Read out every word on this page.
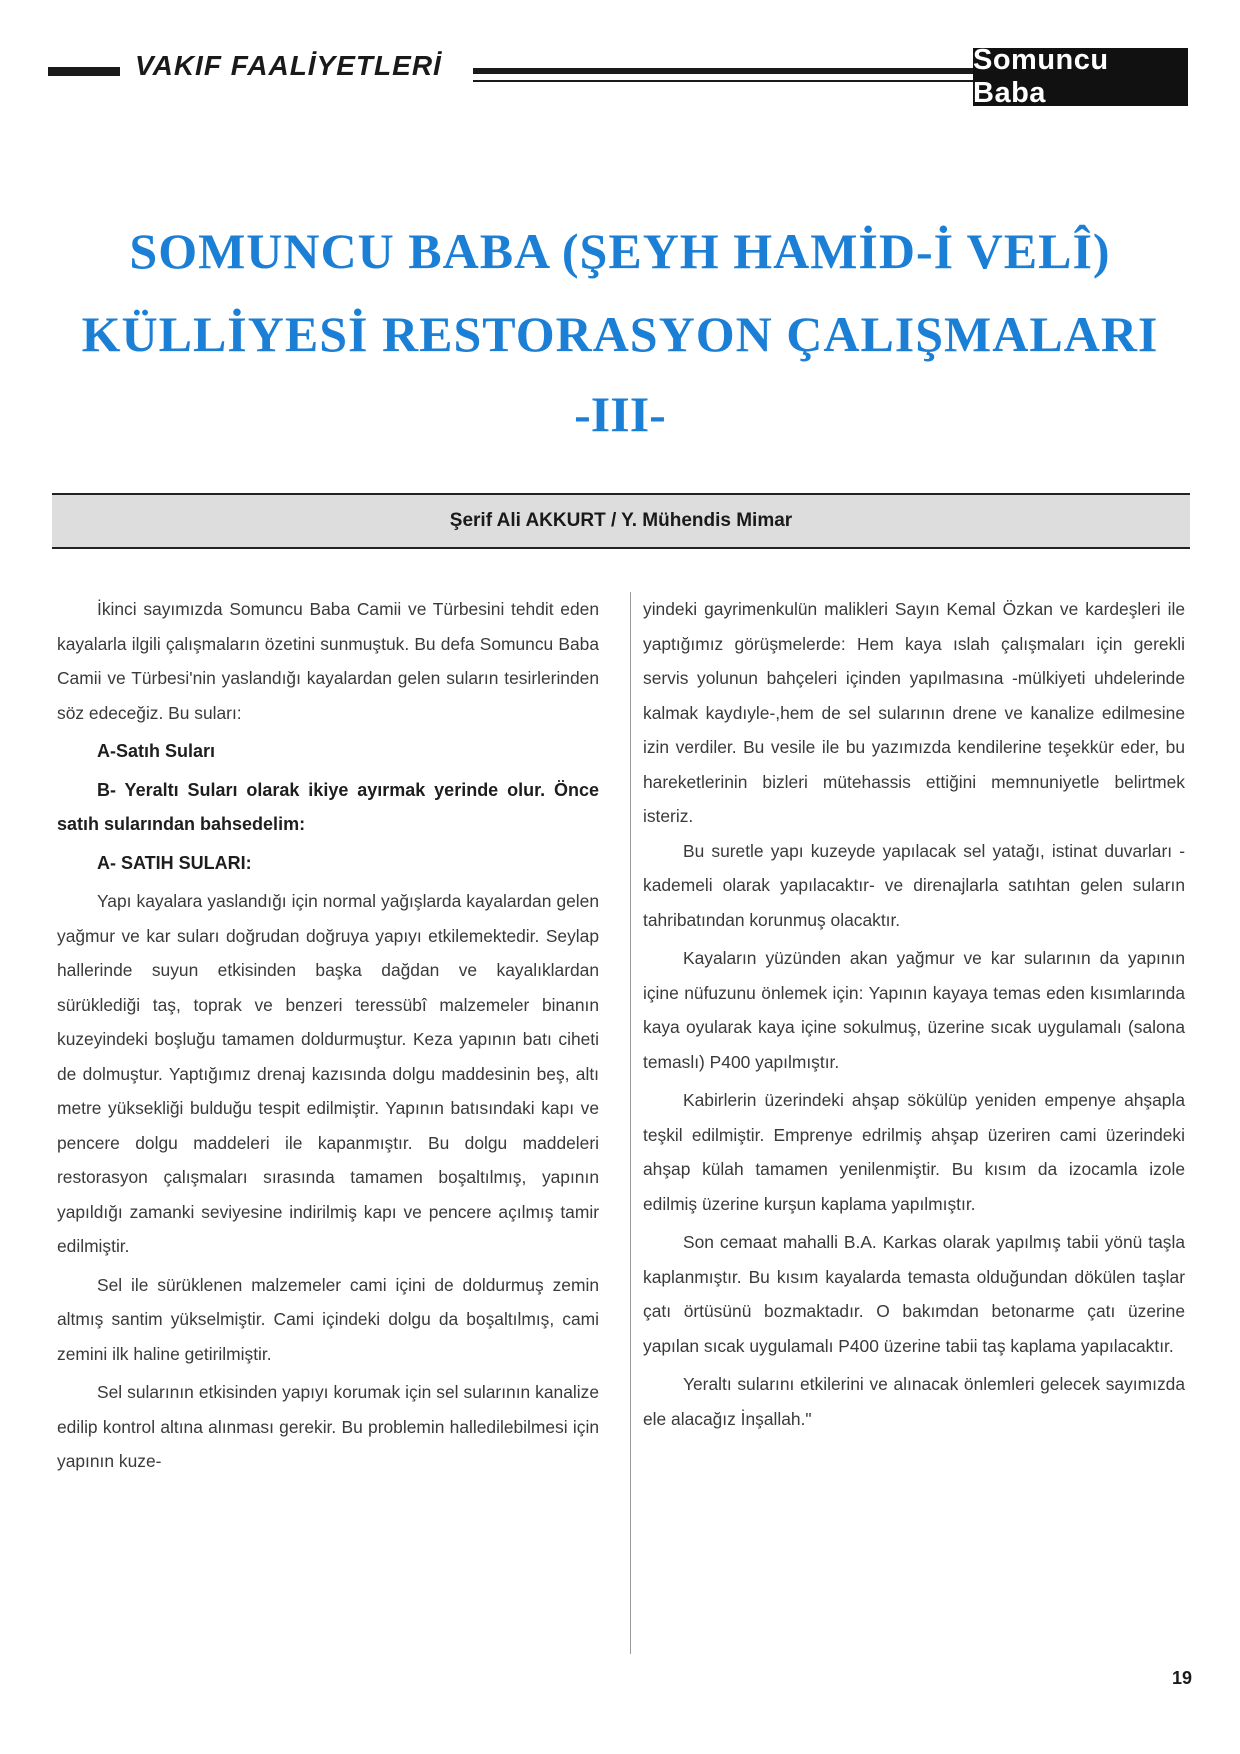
VAKIF FAALİYETLERİ	Somuncu Baba
SOMUNCU BABA (ŞEYH HAMİD-İ VELÎ)
KÜLLİYESİ RESTORASYON ÇALIŞMALARI
-III-
Şerif Ali AKKURT / Y. Mühendis Mimar

İkinci sayımızda Somuncu Baba Camii ve Türbesini tehdit eden kayalarla ilgili çalışmaların özetini sunmuştuk. Bu defa Somuncu Baba Camii ve Türbesi'nin yaslandığı kayalardan gelen suların tesirlerinden söz edeceğiz. Bu suları:

A-Satıh Suları

B- Yeraltı Suları olarak ikiye ayırmak yerinde olur. Önce satıh sularından bahsedelim:

A- SATIH SULARI:

Yapı kayalara yaslandığı için normal yağışlarda kayalardan gelen yağmur ve kar suları doğrudan doğruya yapıyı etkilemektedir. Seylap hallerinde suyun etkisinden başka dağdan ve kayalıklardan sürüklediği taş, toprak ve benzeri teressübî malzemeler binanın kuzeyindeki boşluğu tamamen doldurmuştur. Keza yapının batı ciheti de dolmuştur. Yaptığımız drenaj kazısında dolgu maddesinin beş, altı metre yüksekliği bulduğu tespit edilmiştir. Yapının batısındaki kapı ve pencere dolgu maddeleri ile kapanmıştır. Bu dolgu maddeleri restorasyon çalışmaları sırasında tamamen boşaltılmış, yapının yapıldığı zamanki seviyesine indirilmiş kapı ve pencere açılmış tamir edilmiştir.

Sel ile sürüklenen malzemeler cami içini de doldurmuş zemin altmış santim yükselmiştir. Cami içindeki dolgu da boşaltılmış, cami zemini ilk haline getirilmiştir.

Sel sularının etkisinden yapıyı korumak için sel sularının kanalize edilip kontrol altına alınması gerekir. Bu problemin halledilebilmesi için yapının kuze-

yindeki gayrimenkulün malikleri Sayın Kemal Özkan ve kardeşleri ile yaptığımız görüşmelerde: Hem kaya ıslah çalışmaları için gerekli servis yolunun bahçeleri içinden yapılmasına -mülkiyeti uhdelerinde kalmak kaydıyle-,hem de sel sularının drene ve kanalize edilmesine izin verdiler. Bu vesile ile bu yazımızda kendilerine teşekkür eder, bu hareketlerinin bizleri mütehassis ettiğini memnuniyetle belirtmek isteriz.

Bu suretle yapı kuzeyde yapılacak sel yatağı, istinat duvarları -kademeli olarak yapılacaktır- ve direnajlarla satıhtan gelen suların tahribatından korunmuş olacaktır.

Kayaların yüzünden akan yağmur ve kar sularının da yapının içine nüfuzunu önlemek için: Yapının kayaya temas eden kısımlarında kaya oyularak kaya içine sokulmuş, üzerine sıcak uygulamalı (salona temaslı) P400 yapılmıştır.

Kabirlerin üzerindeki ahşap sökülüp yeniden empenye ahşapla teşkil edilmiştir. Emprenye edrilmiş ahşap üzeriren cami üzerindeki ahşap külah tamamen yenilenmiştir. Bu kısım da izocamla izole edilmiş üzerine kurşun kaplama yapılmıştır.

Son cemaat mahalli B.A. Karkas olarak yapılmış tabii yönü taşla kaplanmıştır. Bu kısım kayalarda temasta olduğundan dökülen taşlar çatı örtüsünü bozmaktadır. O bakımdan betonarme çatı üzerine yapılan sıcak uygulamalı P400 üzerine tabii taş kaplama yapılacaktır.

Yeraltı sularını etkilerini ve alınacak önlemleri gelecek sayımızda ele alacağız İnşallah."

19
